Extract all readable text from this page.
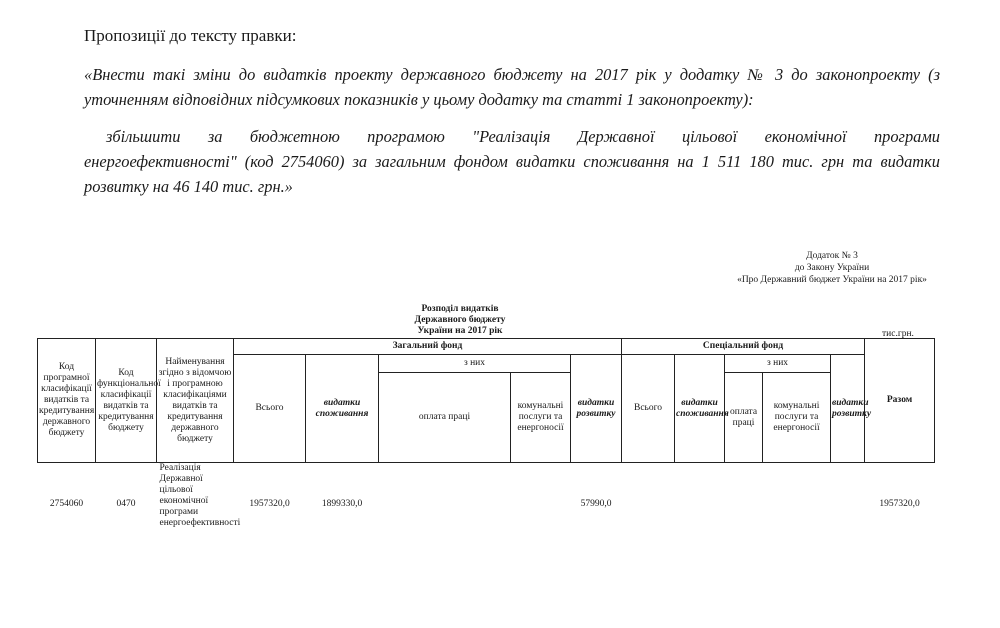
Пропозиції до тексту правки:
«Внести такі зміни до видатків проекту державного бюджету на 2017 рік у додатку № 3 до законопроекту (з уточненням відповідних підсумкових показників у цьому додатку та статті 1 законопроекту):
збільшити за бюджетною програмою "Реалізація Державної цільової економічної програми
енергоефективності" (код 2754060) за загальним фондом видатки споживання на 1 511 180 тис. грн та видатки розвитку на 46 140 тис. грн.»
Додаток № 3
до Закону України
«Про Державний бюджет України на 2017 рік»
Розподіл видатків
Державного бюджету
України на 2017 рік	тис.грн.
Код програмної класифікації видатків та кредитування державного бюджету	Код функціональної класифікації видатків та кредитування бюджету	Найменування згідно з відомчою і програмною класифікаціями видатків та кредитування державного бюджету	Загальний фонд					Спеціальний фонд					Разом
			Всього	видатки споживання	з них		видатки розвитку	Всього	видатки споживання	з них		видатки розвитку	
					оплата праці	комунальні послуги та енергоносії				оплата праці	комунальні послуги та енергоносії		
2754060	0470	Реалізація Державної цільової економічної програми енергоефективності	1957320,0	1899330,0			57990,0						1957320,0
